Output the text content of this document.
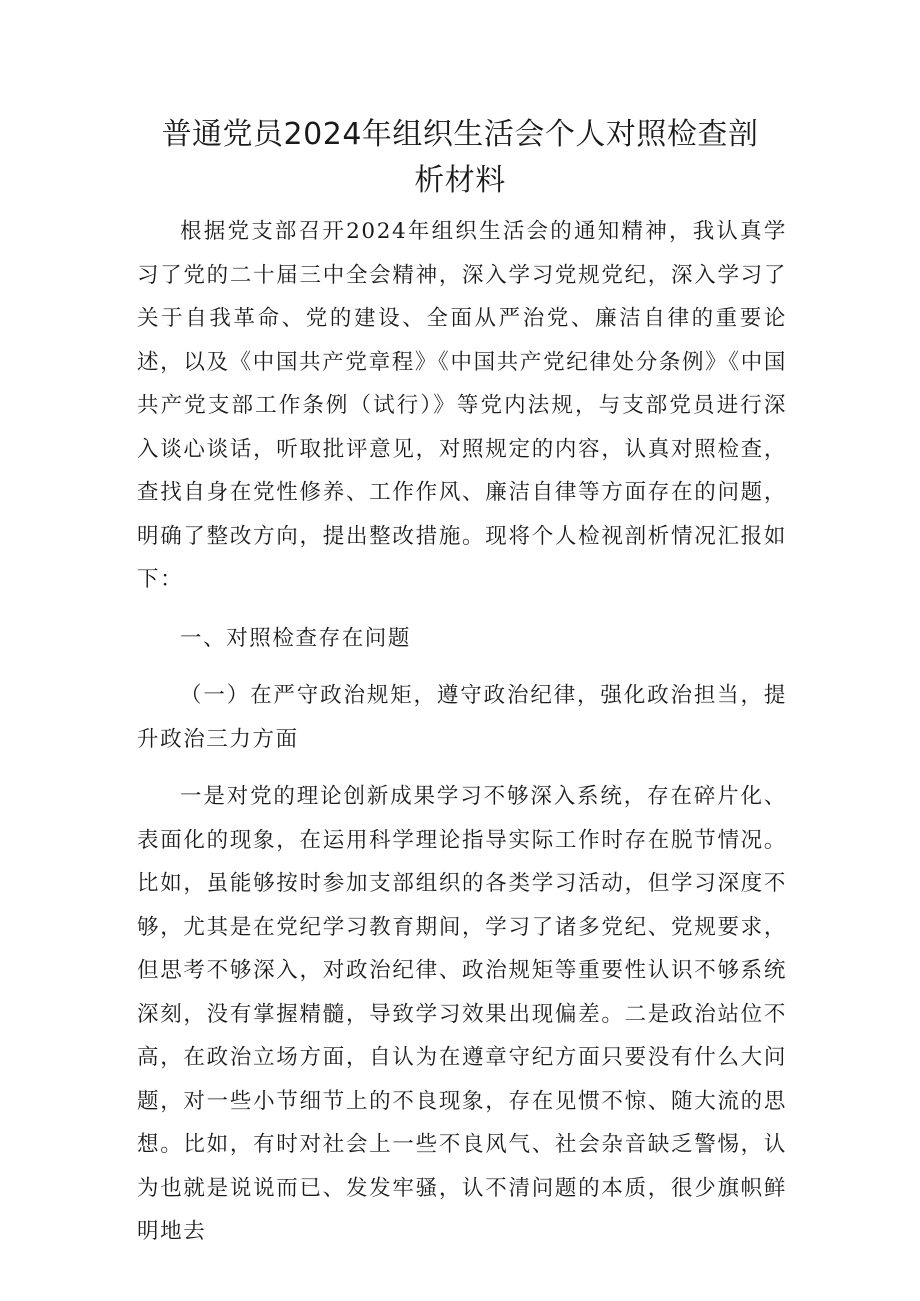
普通党员2024年组织生活会个人对照检查剖
析材料

根据党支部召开2024年组织生活会的通知精神，我认真学习了党的二十届三中全会精神，深入学习党规党纪，深入学习了关于自我革命、党的建设、全面从严治党、廉洁自律的重要论述，以及《中国共产党章程》《中国共产党纪律处分条例》《中国共产党支部工作条例（试行）》等党内法规，与支部党员进行深入谈心谈话，听取批评意见，对照规定的内容，认真对照检查，查找自身在党性修养、工作作风、廉洁自律等方面存在的问题，明确了整改方向，提出整改措施。现将个人检视剖析情况汇报如下：

一、对照检查存在问题

（一）在严守政治规矩，遵守政治纪律，强化政治担当，提升政治三力方面

一是对党的理论创新成果学习不够深入系统，存在碎片化、表面化的现象，在运用科学理论指导实际工作时存在脱节情况。比如，虽能够按时参加支部组织的各类学习活动，但学习深度不够，尤其是在党纪学习教育期间，学习了诸多党纪、党规要求，但思考不够深入，对政治纪律、政治规矩等重要性认识不够系统深刻，没有掌握精髓，导致学习效果出现偏差。二是政治站位不高，在政治立场方面，自认为在遵章守纪方面只要没有什么大问题，对一些小节细节上的不良现象，存在见惯不惊、随大流的思想。比如，有时对社会上一些不良风气、社会杂音缺乏警惕，认为也就是说说而已、发发牢骚，认不清问题的本质，很少旗帜鲜明地去
